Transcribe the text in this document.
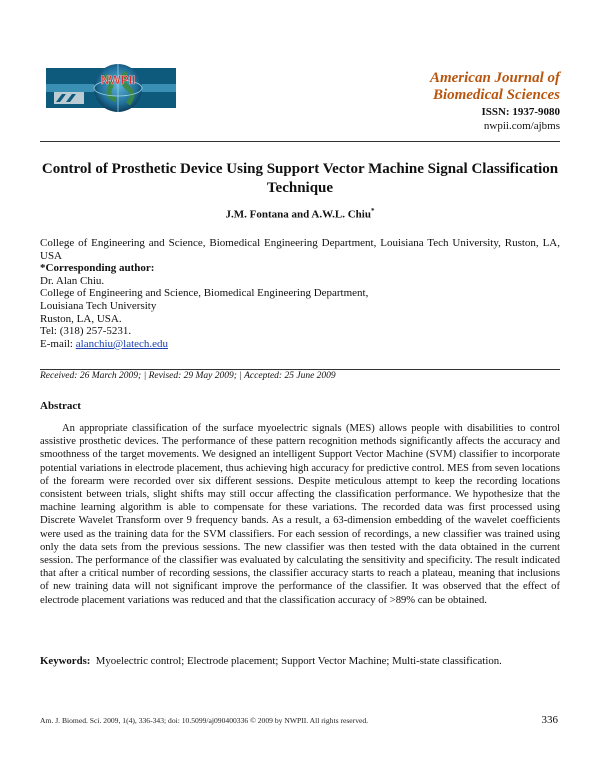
NWPII	American Journal of
Biomedical Sciences
ISSN: 1937-9080
nwpii.com/ajbms
Control of Prosthetic Device Using Support Vector Machine Signal Classification Technique
J.M. Fontana and A.W.L. Chiu*

College of Engineering and Science, Biomedical Engineering Department, Louisiana Tech University, Ruston, LA, USA

*Corresponding author:

Dr. Alan Chiu.

College of Engineering and Science, Biomedical Engineering Department,

Louisiana Tech University

Ruston, LA, USA.

Tel: (318) 257-5231.

E-mail: alanchiu@latech.edu

Received: 26 March 2009; | Revised: 29 May 2009; | Accepted: 25 June 2009
Abstract

An appropriate classification of the surface myoelectric signals (MES) allows people with disabilities to control assistive prosthetic devices. The performance of these pattern recognition methods significantly affects the accuracy and smoothness of the target movements. We designed an intelligent Support Vector Machine (SVM) classifier to incorporate potential variations in electrode placement, thus achieving high accuracy for predictive control. MES from seven locations of the forearm were recorded over six different sessions. Despite meticulous attempt to keep the recording locations consistent between trials, slight shifts may still occur affecting the classification performance. We hypothesize that the machine learning algorithm is able to compensate for these variations. The recorded data was first processed using Discrete Wavelet Transform over 9 frequency bands. As a result, a 63-dimension embedding of the wavelet coefficients were used as the training data for the SVM classifiers. For each session of recordings, a new classifier was trained using only the data sets from the previous sessions. The new classifier was then tested with the data obtained in the current session. The performance of the classifier was evaluated by calculating the sensitivity and specificity. The result indicated that after a critical number of recording sessions, the classifier accuracy starts to reach a plateau, meaning that inclusions of new training data will not significant improve the performance of the classifier. It was observed that the effect of electrode placement variations was reduced and that the classification accuracy of >89% can be obtained.

Keywords: Myoelectric control; Electrode placement; Support Vector Machine; Multi-state classification.
Am. J. Biomed. Sci. 2009, 1(4), 336-343; doi: 10.5099/aj090400336 © 2009 by NWPII. All rights reserved.	336
